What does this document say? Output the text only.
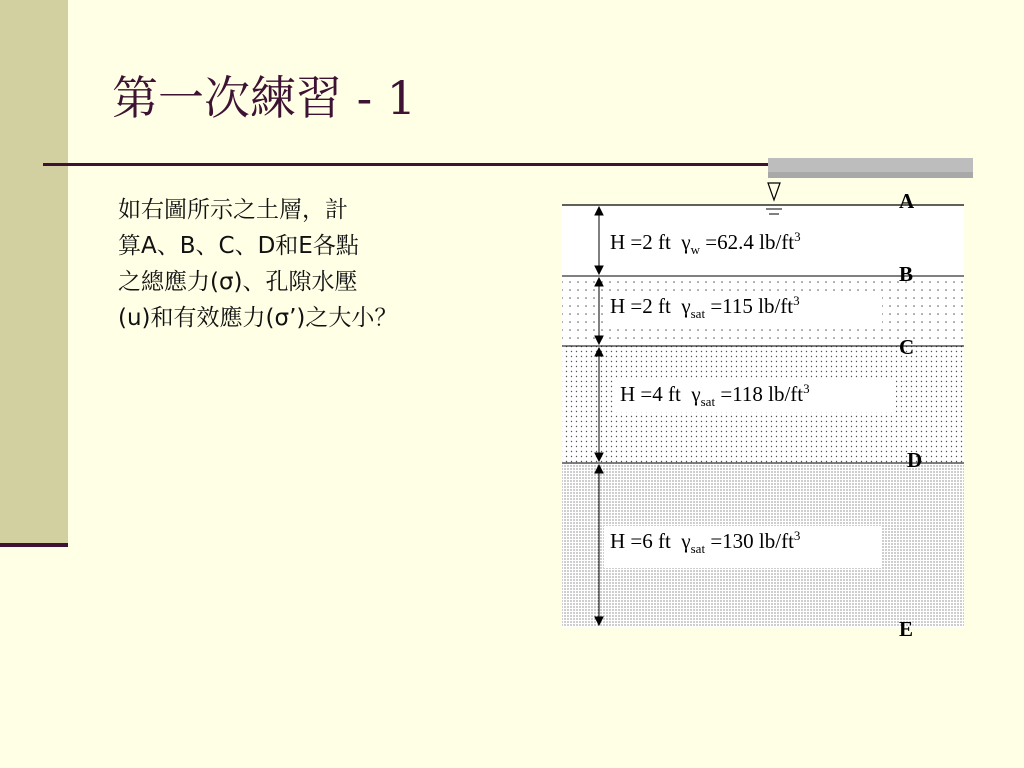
第一次練習 - 1
如右圖所示之土層，計
算A、B、C、D和E各點
之總應力(σ)、孔隙水壓
(u)和有效應力(σ’)之大小？
H =2 ft $\gamma_w =62.4$ $lb/ft^3$
H =2 ft $\gamma_{sat} =115$ $lb/ft^3$
H =4 ft $\gamma_{sat} =118$ $lb/ft^3$
H =6 ft $\gamma_{sat} =130$ $lb/ft^3$
A
B
C
D
E
